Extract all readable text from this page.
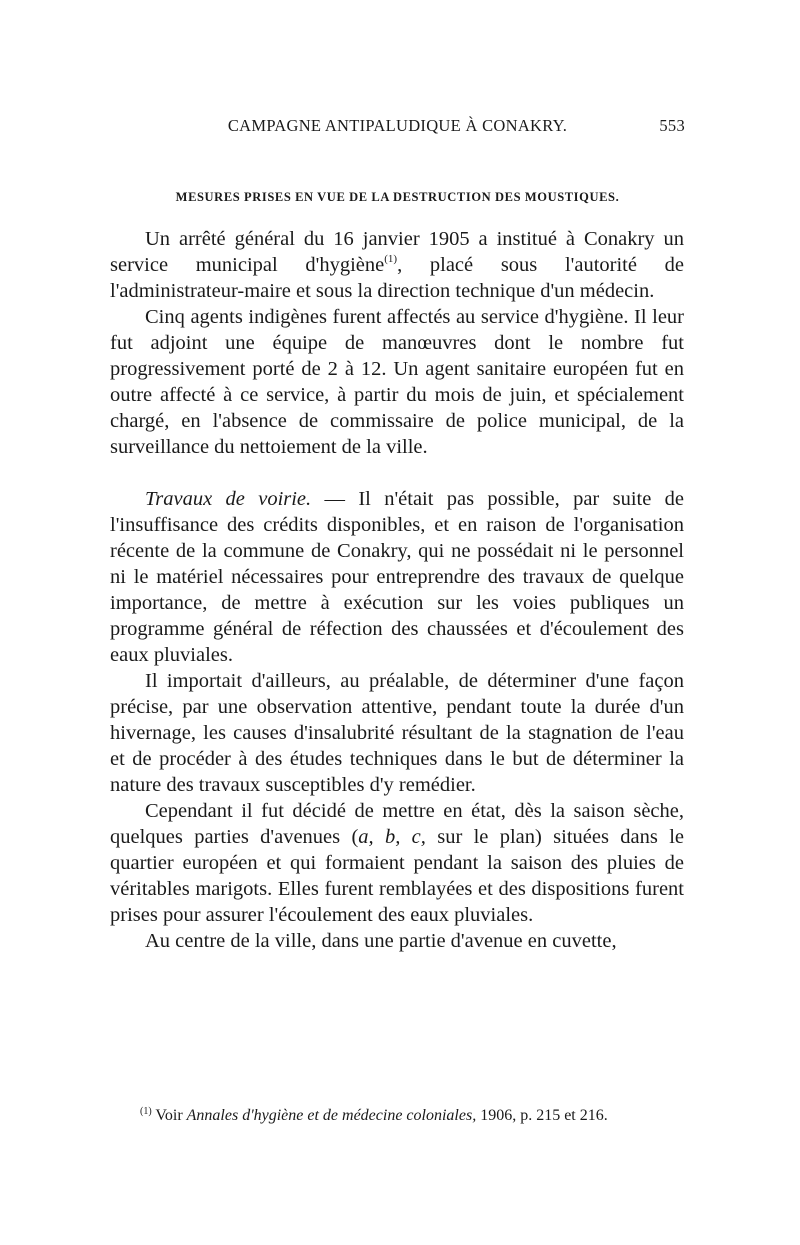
CAMPAGNE ANTIPALUDIQUE À CONAKRY.	553
MESURES PRISES EN VUE DE LA DESTRUCTION DES MOUSTIQUES.

Un arrêté général du 16 janvier 1905 a institué à Conakry un service municipal d'hygiène$^{(1)}$, placé sous l'autorité de l'administrateur-maire et sous la direction technique d'un médecin.

Cinq agents indigènes furent affectés au service d'hygiène. Il leur fut adjoint une équipe de manœuvres dont le nombre fut progressivement porté de 2 à 12. Un agent sanitaire européen fut en outre affecté à ce service, à partir du mois de juin, et spécialement chargé, en l'absence de commissaire de police municipal, de la surveillance du nettoiement de la ville.

Travaux de voirie. — Il n'était pas possible, par suite de l'insuffisance des crédits disponibles, et en raison de l'organisation récente de la commune de Conakry, qui ne possédait ni le personnel ni le matériel nécessaires pour entreprendre des travaux de quelque importance, de mettre à exécution sur les voies publiques un programme général de réfection des chaussées et d'écoulement des eaux pluviales.

Il importait d'ailleurs, au préalable, de déterminer d'une façon précise, par une observation attentive, pendant toute la durée d'un hivernage, les causes d'insalubrité résultant de la stagnation de l'eau et de procéder à des études techniques dans le but de déterminer la nature des travaux susceptibles d'y remédier.

Cependant il fut décidé de mettre en état, dès la saison sèche, quelques parties d'avenues (a, b, c, sur le plan) situées dans le quartier européen et qui formaient pendant la saison des pluies de véritables marigots. Elles furent remblayées et des dispositions furent prises pour assurer l'écoulement des eaux pluviales.

Au centre de la ville, dans une partie d'avenue en cuvette,

$^{(1)}$ Voir Annales d'hygiène et de médecine coloniales, 1906, p. 215 et 216.
